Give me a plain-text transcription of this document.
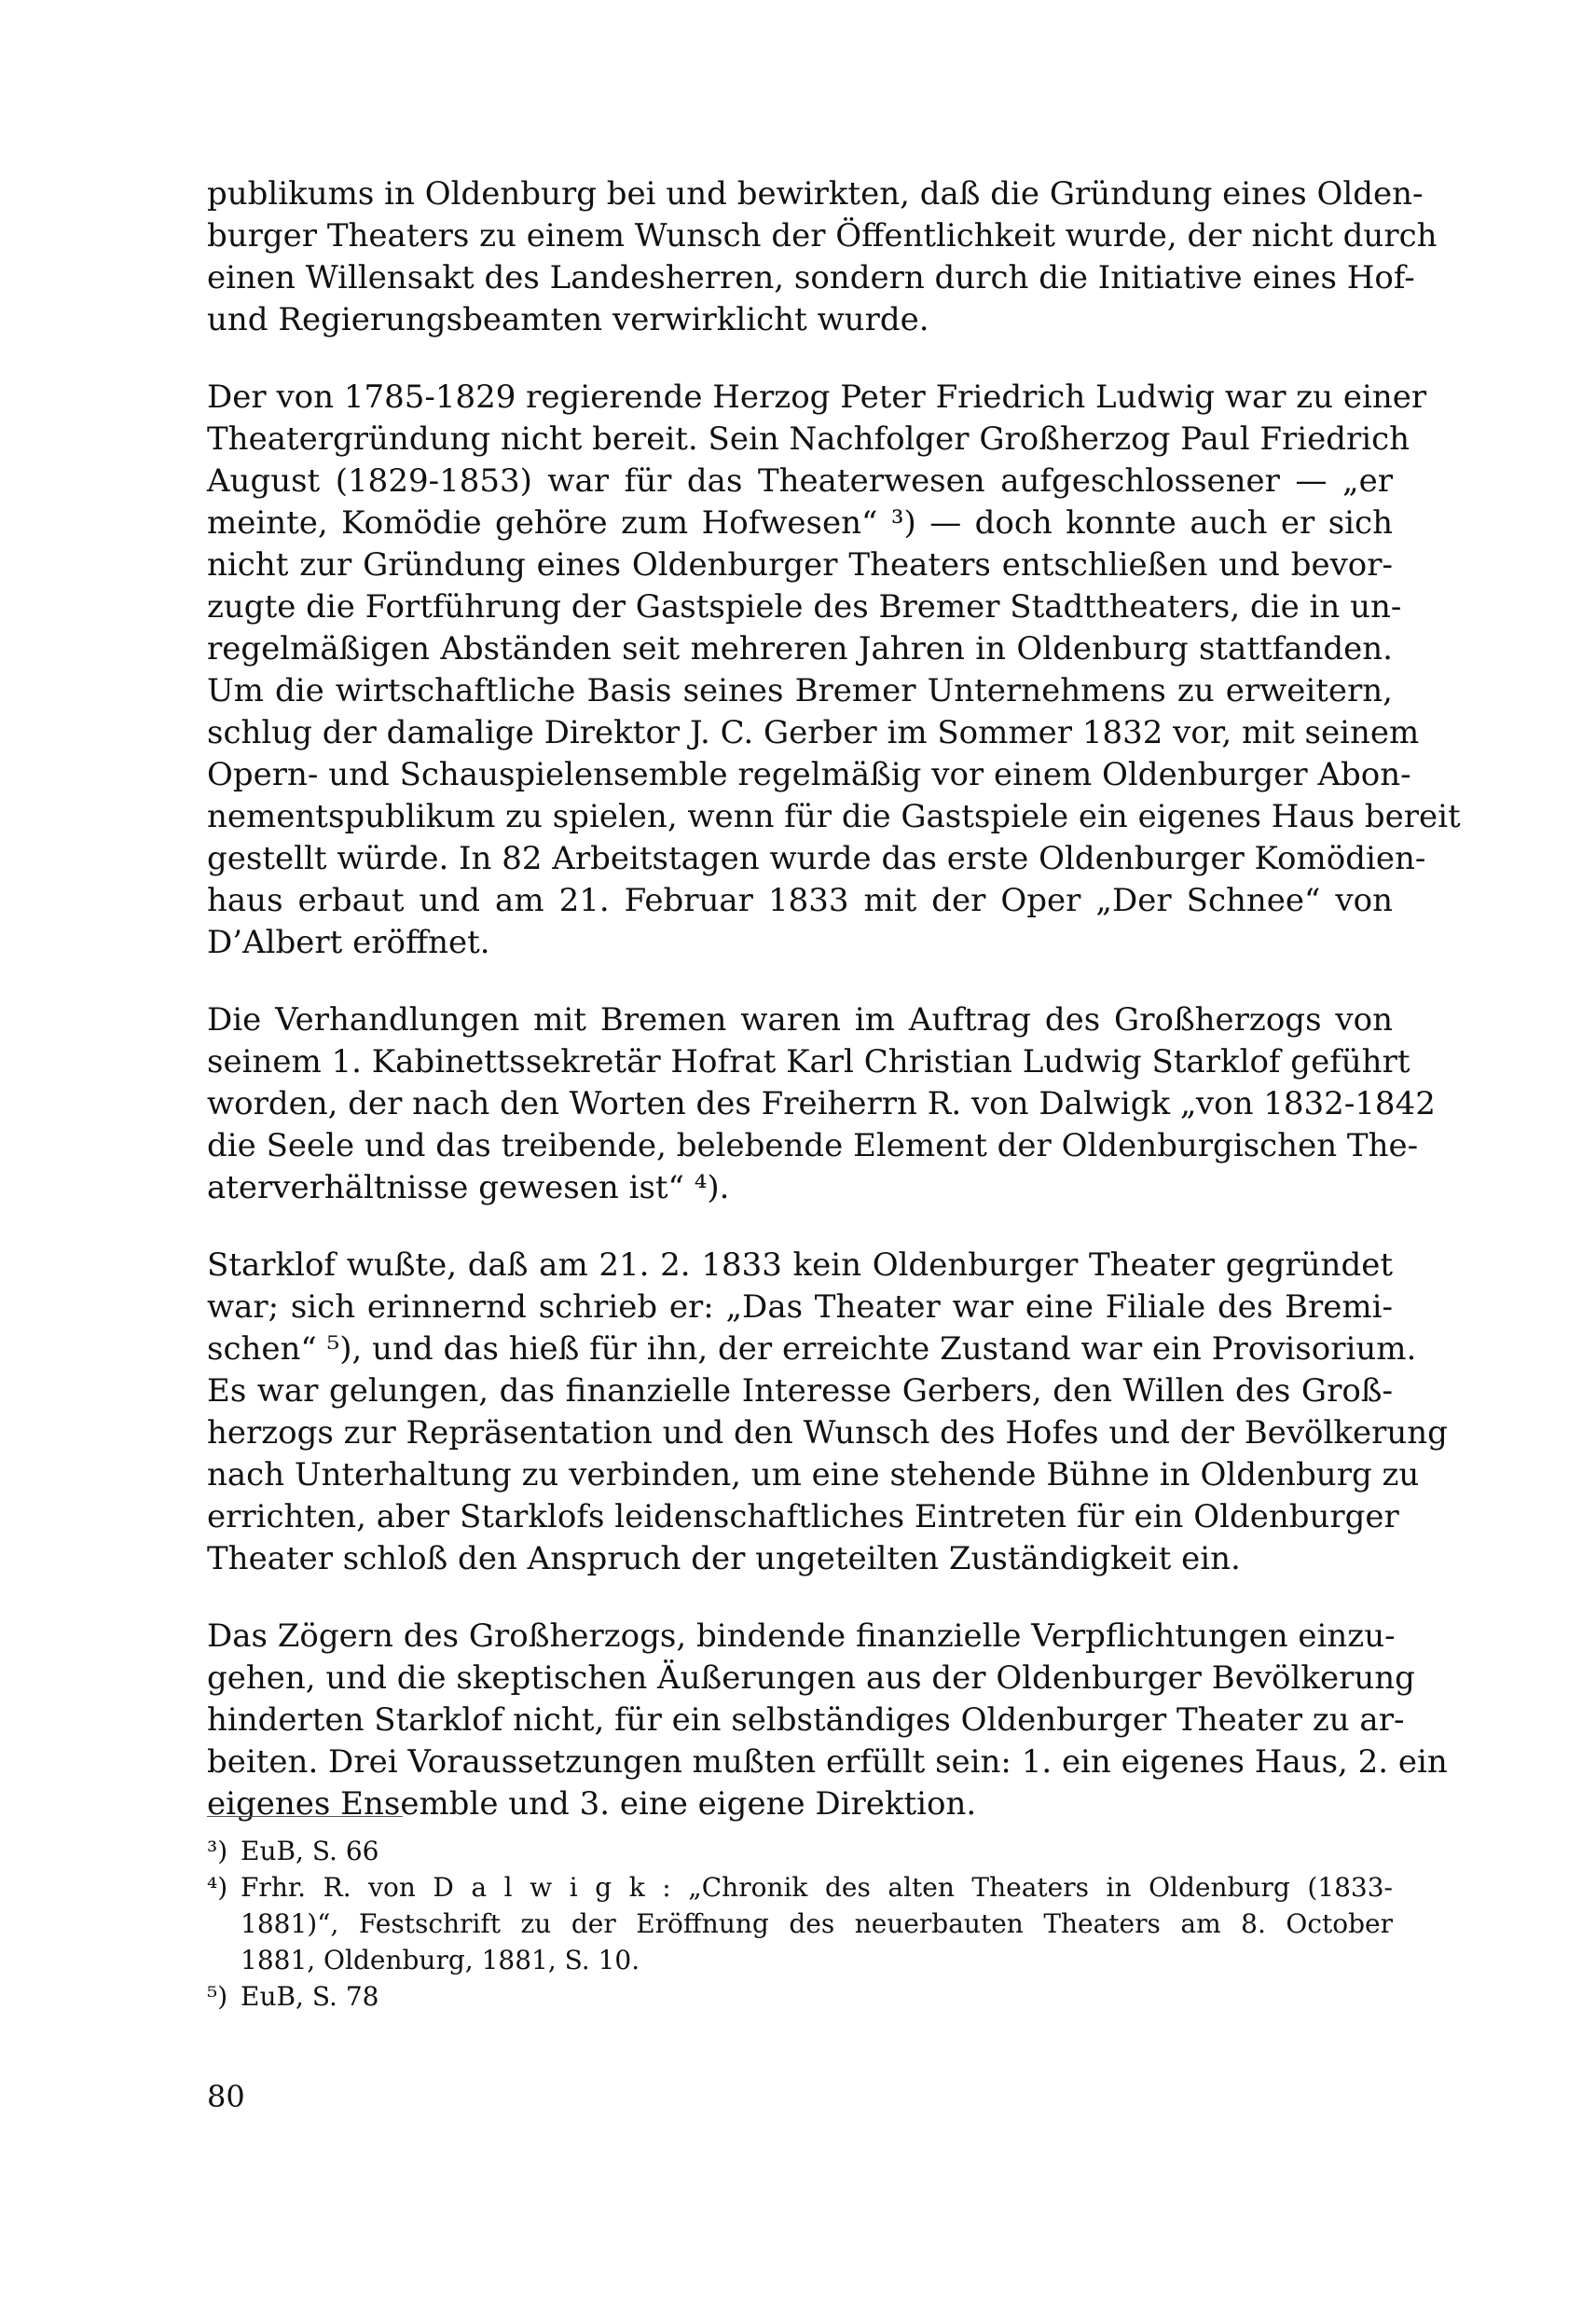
publikums in Oldenburg bei und bewirkten, daß die Gründung eines Olden-
burger Theaters zu einem Wunsch der Öffentlichkeit wurde, der nicht durch
einen Willensakt des Landesherren, sondern durch die Initiative eines Hof-
und Regierungsbeamten verwirklicht wurde.

Der von 1785-1829 regierende Herzog Peter Friedrich Ludwig war zu einer
Theatergründung nicht bereit. Sein Nachfolger Großherzog Paul Friedrich
August (1829-1853) war für das Theaterwesen aufgeschlossener — „er
meinte, Komödie gehöre zum Hofwesen“ ³) — doch konnte auch er sich
nicht zur Gründung eines Oldenburger Theaters entschließen und bevor-
zugte die Fortführung der Gastspiele des Bremer Stadttheaters, die in un-
regelmäßigen Abständen seit mehreren Jahren in Oldenburg stattfanden.
Um die wirtschaftliche Basis seines Bremer Unternehmens zu erweitern,
schlug der damalige Direktor J. C. Gerber im Sommer 1832 vor, mit seinem
Opern- und Schauspielensemble regelmäßig vor einem Oldenburger Abon-
nementspublikum zu spielen, wenn für die Gastspiele ein eigenes Haus bereit
gestellt würde. In 82 Arbeitstagen wurde das erste Oldenburger Komödien-
haus erbaut und am 21. Februar 1833 mit der Oper „Der Schnee“ von
D’Albert eröffnet.

Die Verhandlungen mit Bremen waren im Auftrag des Großherzogs von
seinem 1. Kabinettssekretär Hofrat Karl Christian Ludwig Starklof geführt
worden, der nach den Worten des Freiherrn R. von Dalwigk „von 1832-1842
die Seele und das treibende, belebende Element der Oldenburgischen The-
aterverhältnisse gewesen ist“ ⁴).

Starklof wußte, daß am 21. 2. 1833 kein Oldenburger Theater gegründet
war; sich erinnernd schrieb er: „Das Theater war eine Filiale des Bremi-
schen“ ⁵), und das hieß für ihn, der erreichte Zustand war ein Provisorium.
Es war gelungen, das finanzielle Interesse Gerbers, den Willen des Groß-
herzogs zur Repräsentation und den Wunsch des Hofes und der Bevölkerung
nach Unterhaltung zu verbinden, um eine stehende Bühne in Oldenburg zu
errichten, aber Starklofs leidenschaftliches Eintreten für ein Oldenburger
Theater schloß den Anspruch der ungeteilten Zuständigkeit ein.

Das Zögern des Großherzogs, bindende finanzielle Verpflichtungen einzu-
gehen, und die skeptischen Äußerungen aus der Oldenburger Bevölkerung
hinderten Starklof nicht, für ein selbständiges Oldenburger Theater zu ar-
beiten. Drei Voraussetzungen mußten erfüllt sein: 1. ein eigenes Haus, 2. ein
eigenes Ensemble und 3. eine eigene Direktion.

³) EuB, S. 66
⁴) Frhr. R. von D a l w i g k : „Chronik des alten Theaters in Oldenburg (1833-
1881)“, Festschrift zu der Eröffnung des neuerbauten Theaters am 8. October
1881, Oldenburg, 1881, S. 10.
⁵) EuB, S. 78
80
